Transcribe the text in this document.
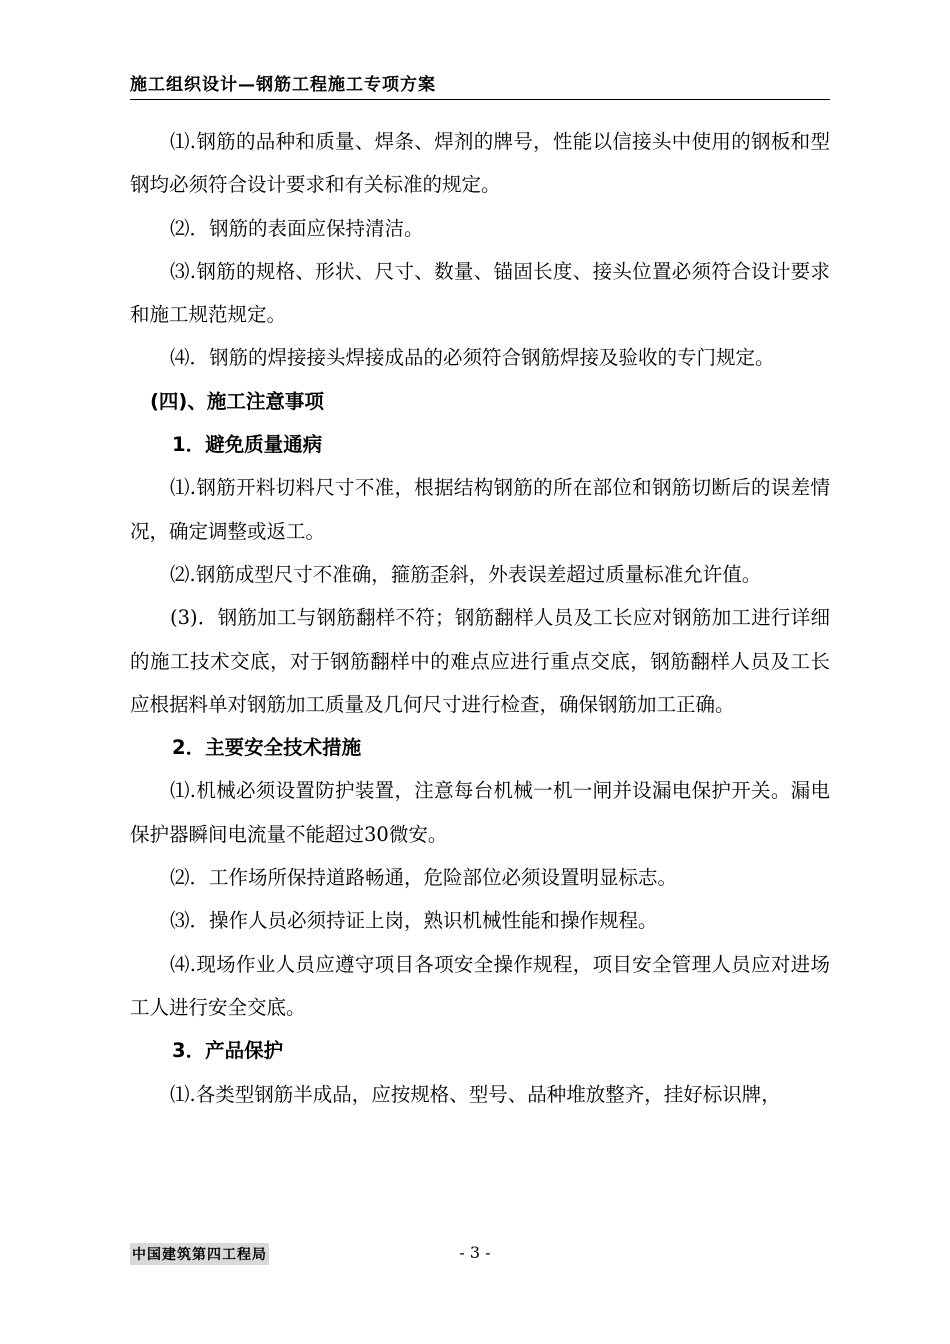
施工组织设计—钢筋工程施工专项方案

⑴.钢筋的品种和质量、焊条、焊剂的牌号，性能以信接头中使用的钢板和型钢均必须符合设计要求和有关标准的规定。

⑵．钢筋的表面应保持清洁。

⑶.钢筋的规格、形状、尺寸、数量、锚固长度、接头位置必须符合设计要求和施工规范规定。

⑷．钢筋的焊接接头焊接成品的必须符合钢筋焊接及验收的专门规定。

(四)、施工注意事项

1．避免质量通病

⑴.钢筋开料切料尺寸不准，根据结构钢筋的所在部位和钢筋切断后的误差情况，确定调整或返工。

⑵.钢筋成型尺寸不准确，箍筋歪斜，外表误差超过质量标准允许值。

(3)．钢筋加工与钢筋翻样不符；钢筋翻样人员及工长应对钢筋加工进行详细的施工技术交底，对于钢筋翻样中的难点应进行重点交底，钢筋翻样人员及工长应根据料单对钢筋加工质量及几何尺寸进行检查，确保钢筋加工正确。

2．主要安全技术措施

⑴.机械必须设置防护装置，注意每台机械一机一闸并设漏电保护开关。漏电保护器瞬间电流量不能超过30微安。

⑵．工作场所保持道路畅通，危险部位必须设置明显标志。

⑶．操作人员必须持证上岗，熟识机械性能和操作规程。

⑷.现场作业人员应遵守项目各项安全操作规程，项目安全管理人员应对进场工人进行安全交底。

3．产品保护

⑴.各类型钢筋半成品，应按规格、型号、品种堆放整齐，挂好标识牌，

中国建筑第四工程局	- 3 -
